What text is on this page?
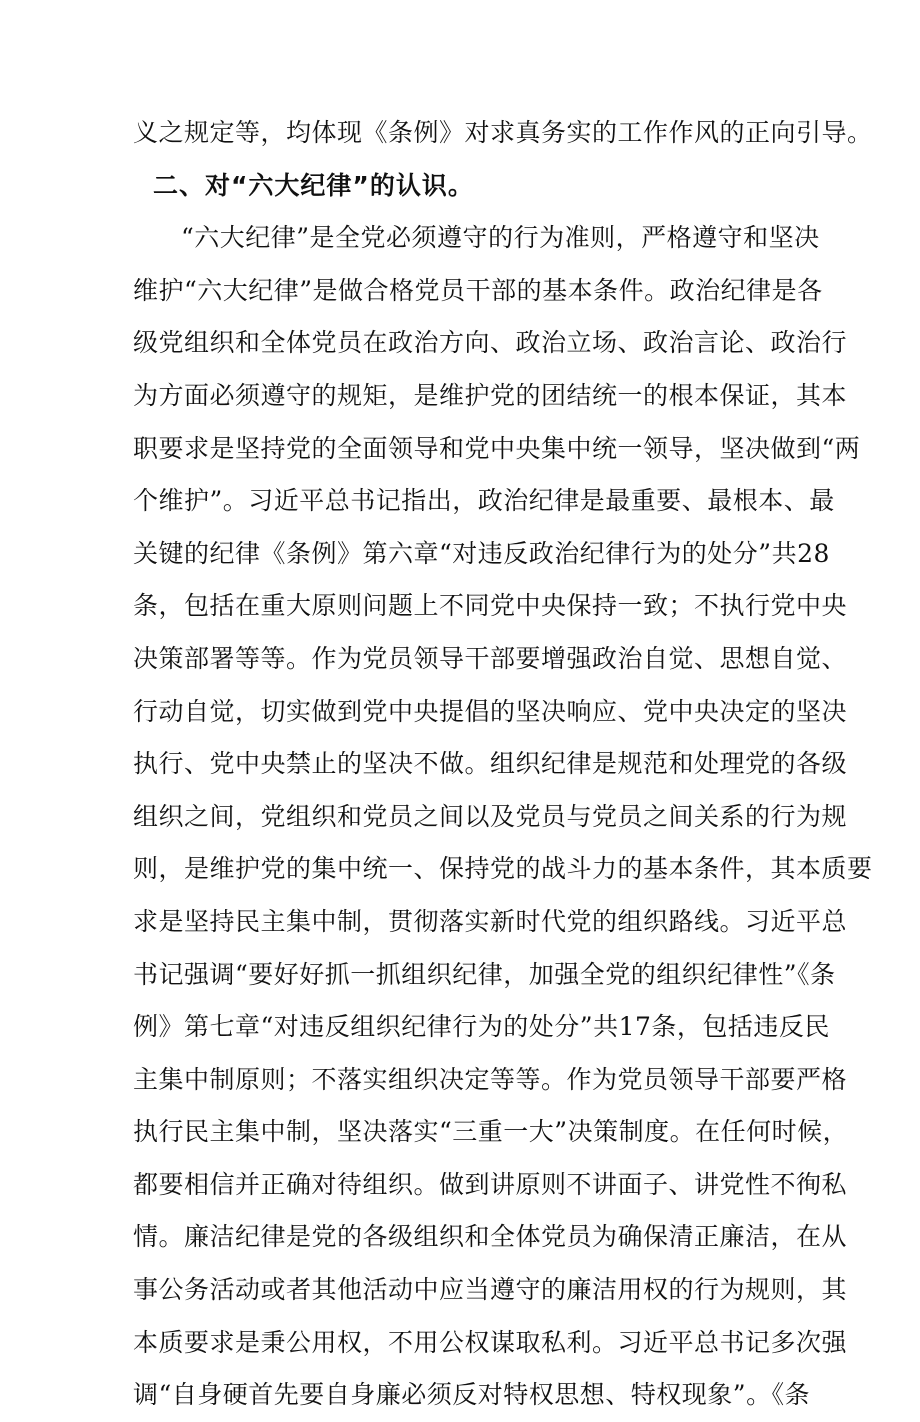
义之规定等，均体现《条例》对求真务实的工作作风的正向引导。
二、对“六大纪律”的认识。
“六大纪律”是全党必须遵守的行为准则，严格遵守和坚决
维护“六大纪律”是做合格党员干部的基本条件。政治纪律是各
级党组织和全体党员在政治方向、政治立场、政治言论、政治行
为方面必须遵守的规矩，是维护党的团结统一的根本保证，其本
职要求是坚持党的全面领导和党中央集中统一领导，坚决做到“两
个维护”。习近平总书记指出，政治纪律是最重要、最根本、最
关键的纪律《条例》第六章“对违反政治纪律行为的处分”共28
条，包括在重大原则问题上不同党中央保持一致；不执行党中央
决策部署等等。作为党员领导干部要增强政治自觉、思想自觉、
行动自觉，切实做到党中央提倡的坚决响应、党中央决定的坚决
执行、党中央禁止的坚决不做。组织纪律是规范和处理党的各级
组织之间，党组织和党员之间以及党员与党员之间关系的行为规
则，是维护党的集中统一、保持党的战斗力的基本条件，其本质要
求是坚持民主集中制，贯彻落实新时代党的组织路线。习近平总
书记强调“要好好抓一抓组织纪律，加强全党的组织纪律性”《条
例》第七章“对违反组织纪律行为的处分”共17条，包括违反民
主集中制原则；不落实组织决定等等。作为党员领导干部要严格
执行民主集中制，坚决落实“三重一大”决策制度。在任何时候，
都要相信并正确对待组织。做到讲原则不讲面子、讲党性不徇私
情。廉洁纪律是党的各级组织和全体党员为确保清正廉洁，在从
事公务活动或者其他活动中应当遵守的廉洁用权的行为规则，其
本质要求是秉公用权，不用公权谋取私利。习近平总书记多次强
调“自身硬首先要自身廉必须反对特权思想、特权现象”。《条
